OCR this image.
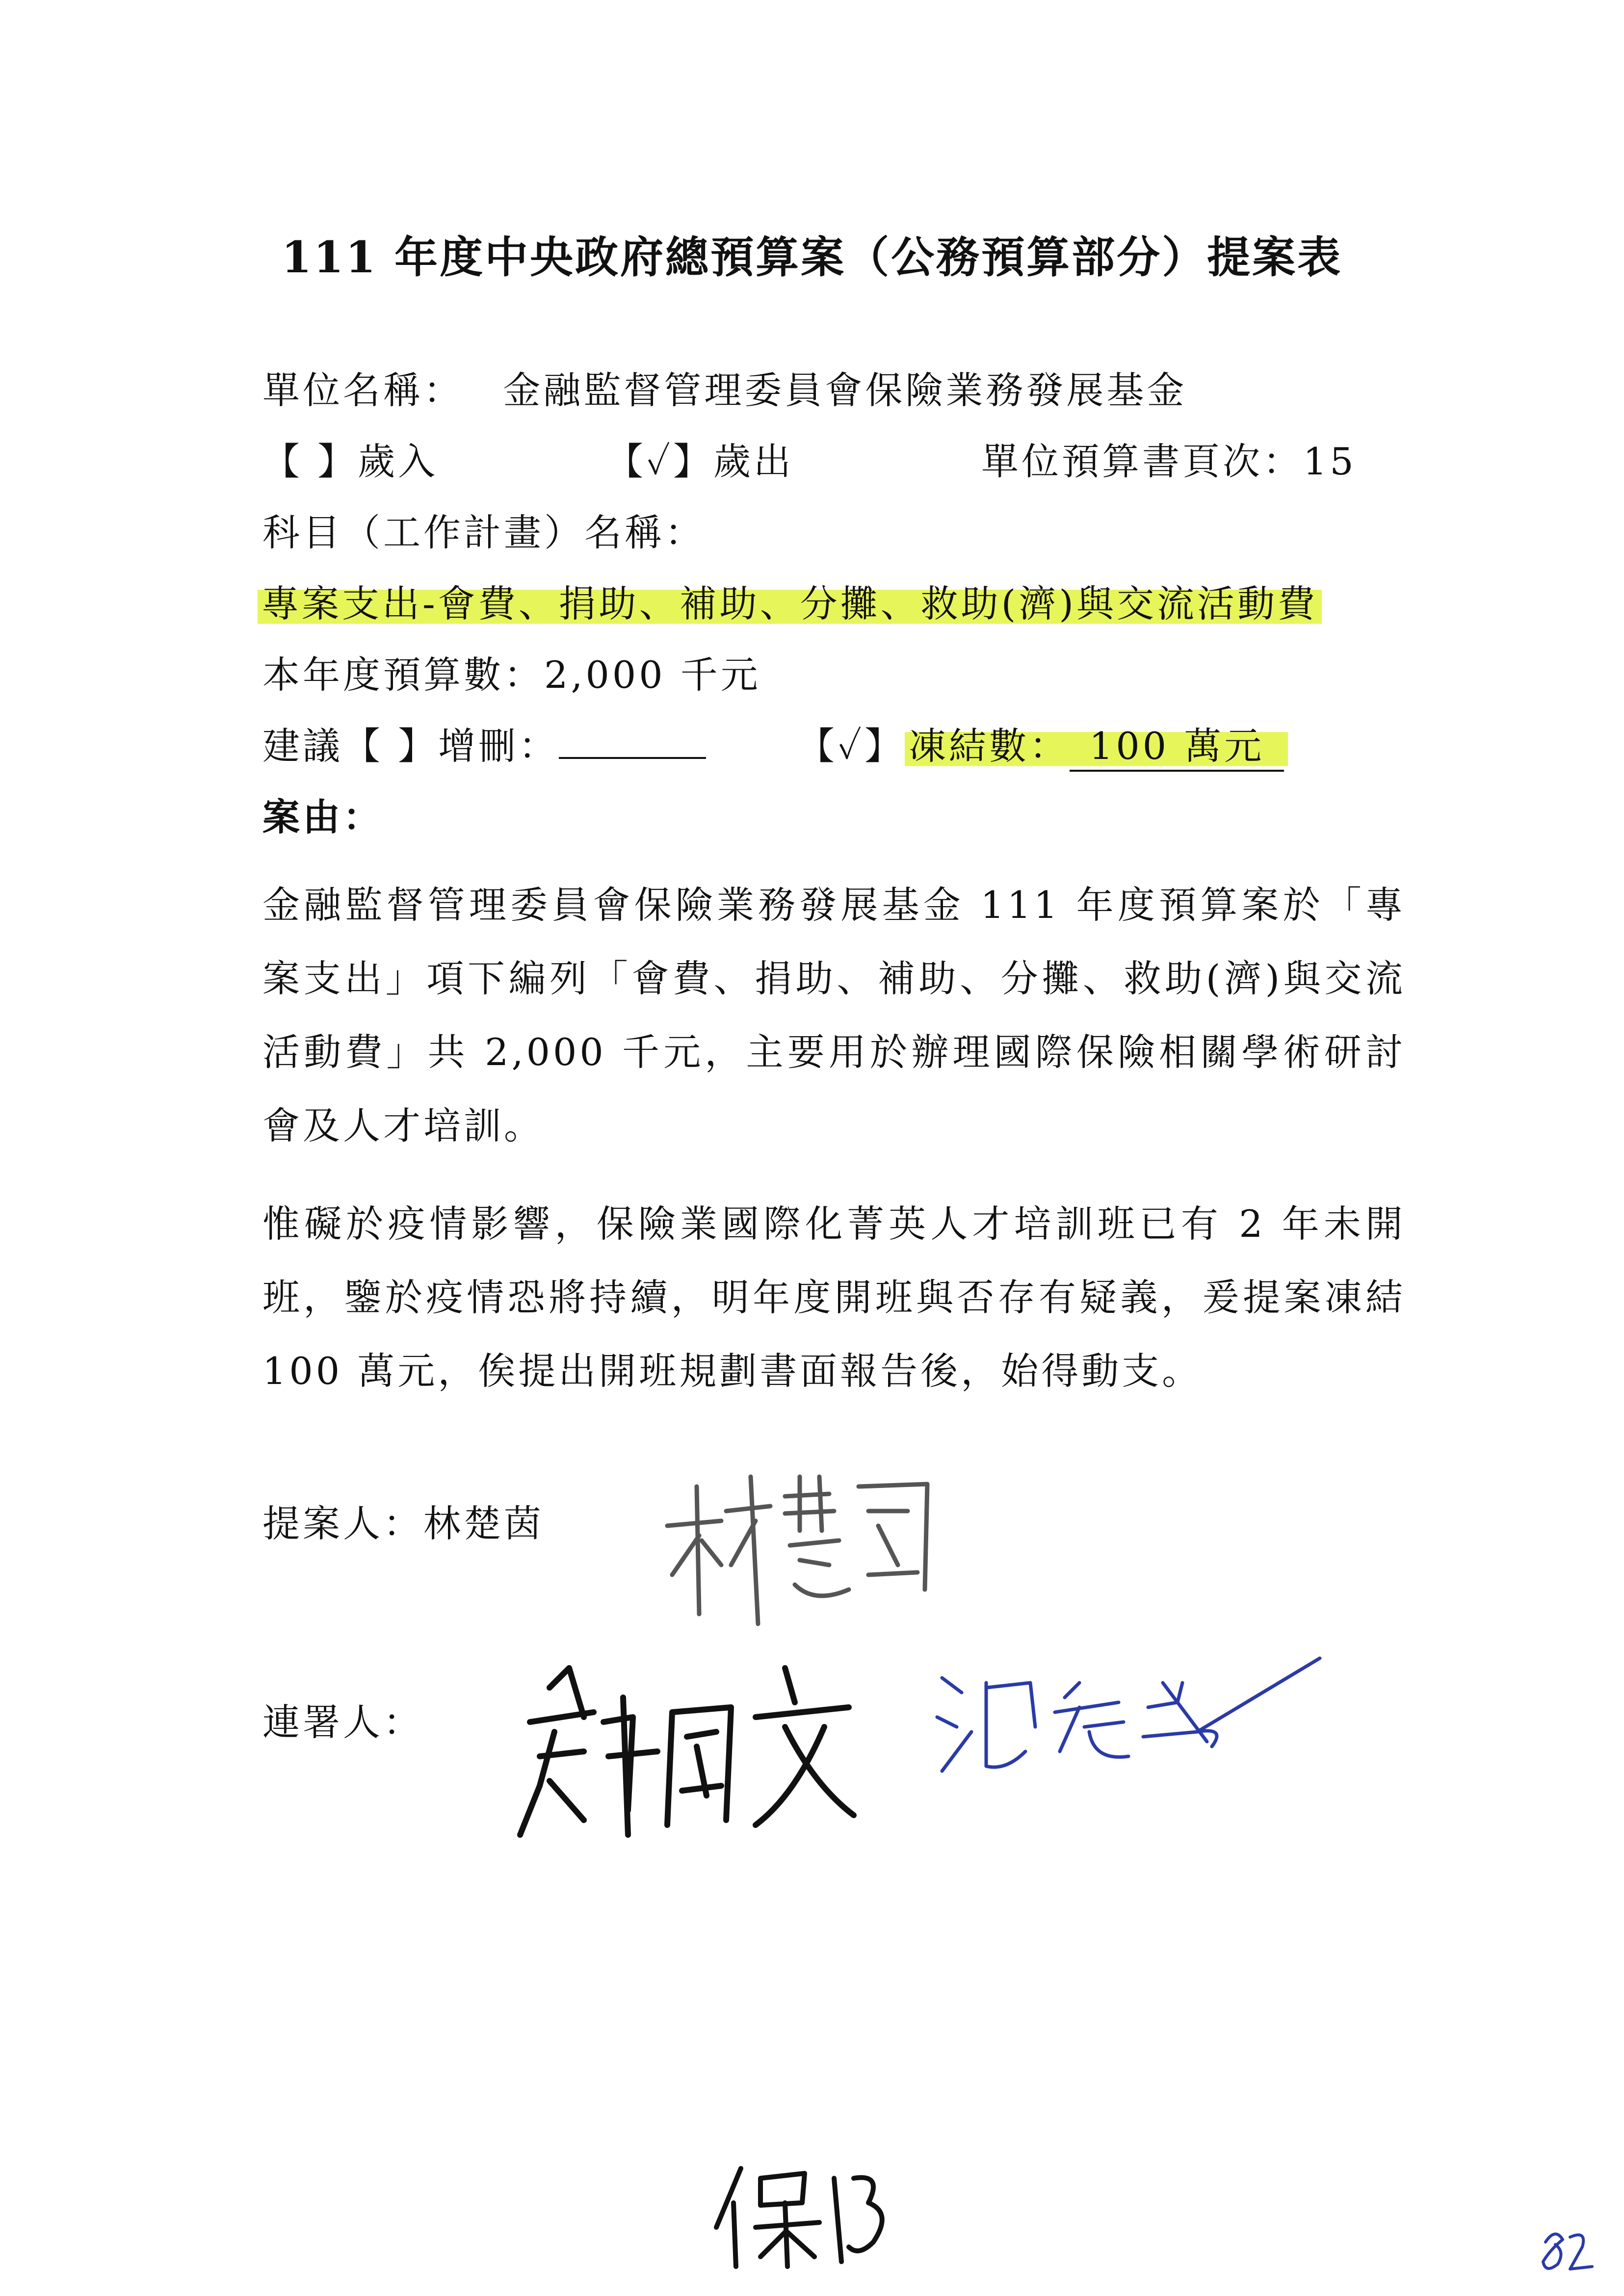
111 年度中央政府總預算案（公務預算部分）提案表
單位名稱： 金融監督管理委員會保險業務發展基金
【 】歲入	【✓】歲出	單位預算書頁次：15
科目（工作計畫）名稱：
專案支出-會費、捐助、補助、分攤、救助(濟)與交流活動費
本年度預算數：2,000 千元
建議【 】增刪：	【✓】 凍結數： 100 萬元
案由：
金融監督管理委員會保險業務發展基金 111 年度預算案於「專案支出」項下編列「會費、捐助、補助、分攤、救助(濟)與交流活動費」共 2,000 千元，主要用於辦理國際保險相關學術研討會及人才培訓。
惟礙於疫情影響，保險業國際化菁英人才培訓班已有 2 年未開班，鑒於疫情恐將持續，明年度開班與否存有疑義，爰提案凍結 100 萬元，俟提出開班規劃書面報告後，始得動支。
提案人：林楚茵
連署人：
